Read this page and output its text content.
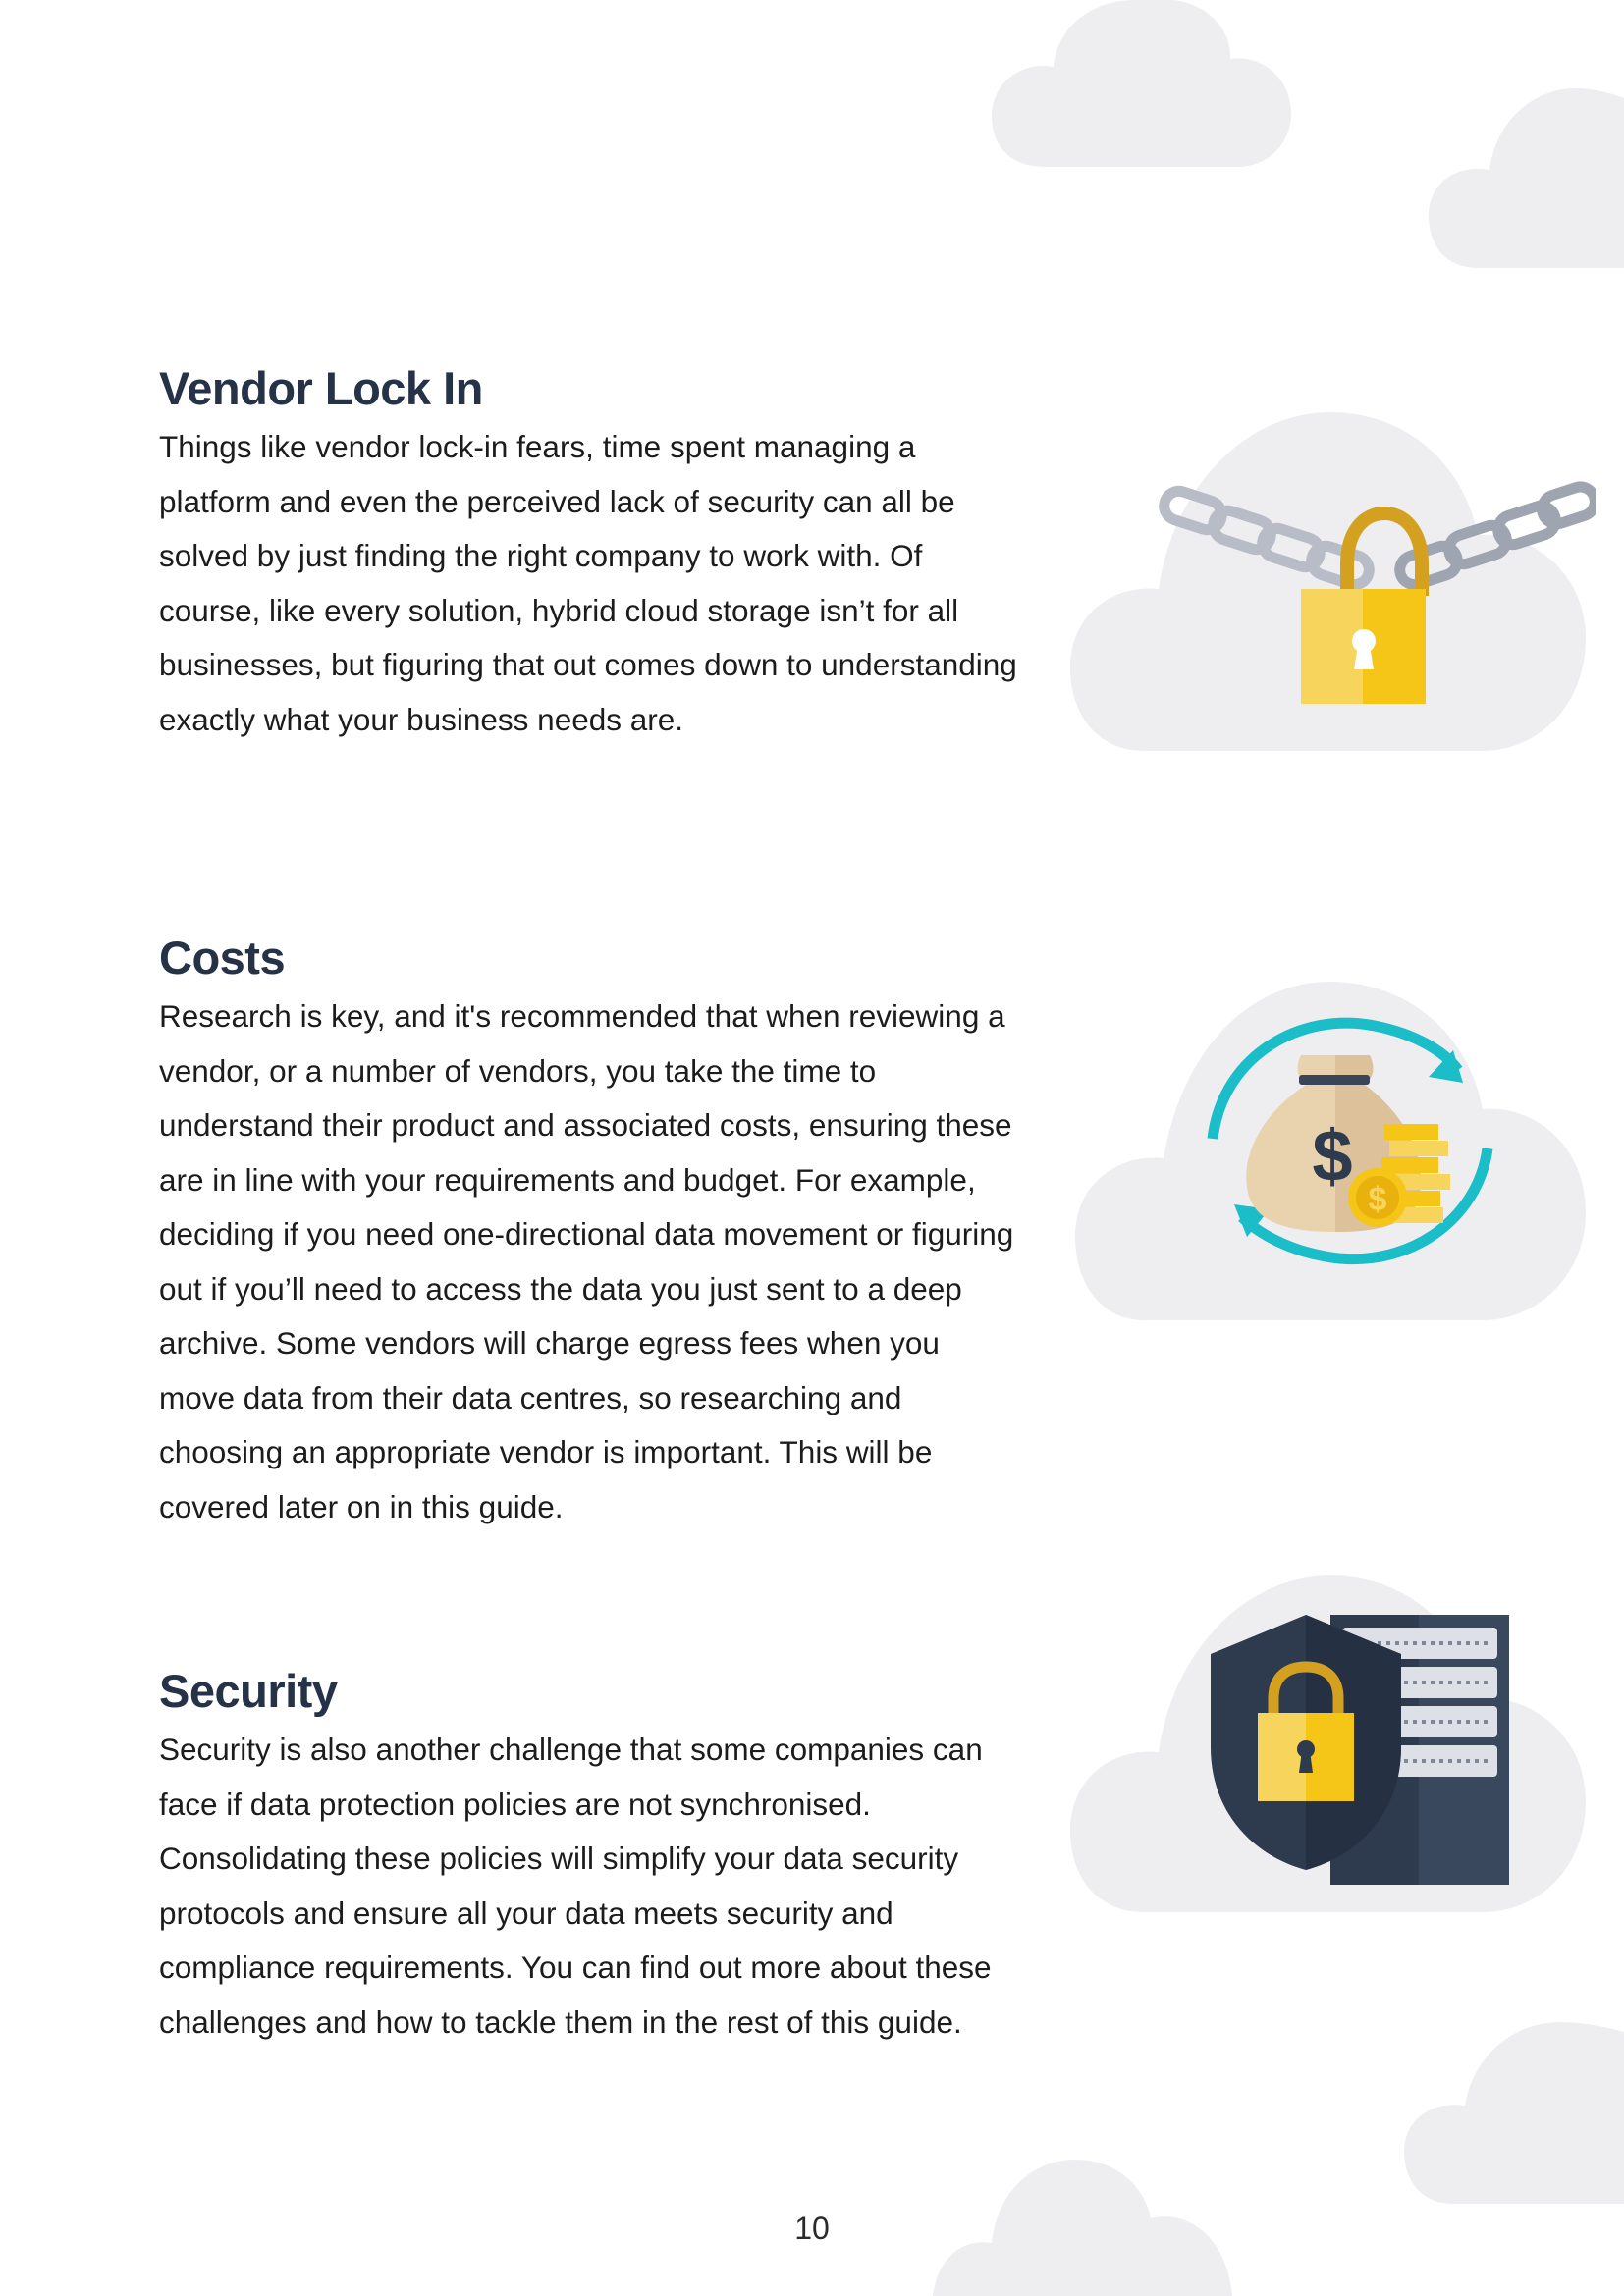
Vendor Lock In

Things like vendor lock-in fears, time spent managing a platform and even the perceived lack of security can all be solved by just finding the right company to work with. Of course, like every solution, hybrid cloud storage isn’t for all businesses, but figuring that out comes down to understanding exactly what your business needs are.

Costs

Research is key, and it's recommended that when reviewing a vendor, or a number of vendors, you take the time to understand their product and associated costs, ensuring these are in line with your requirements and budget. For example, deciding if you need one-directional data movement or figuring out if you’ll need to access the data you just sent to a deep archive. Some vendors will charge egress fees when you move data from their data centres, so researching and choosing an appropriate vendor is important. This will be covered later on in this guide.

Security

Security is also another challenge that some companies can face if data protection policies are not synchronised. Consolidating these policies will simplify your data security protocols and ensure all your data meets security and compliance requirements. You can find out more about these challenges and how to tackle them in the rest of this guide.

$
$
10
